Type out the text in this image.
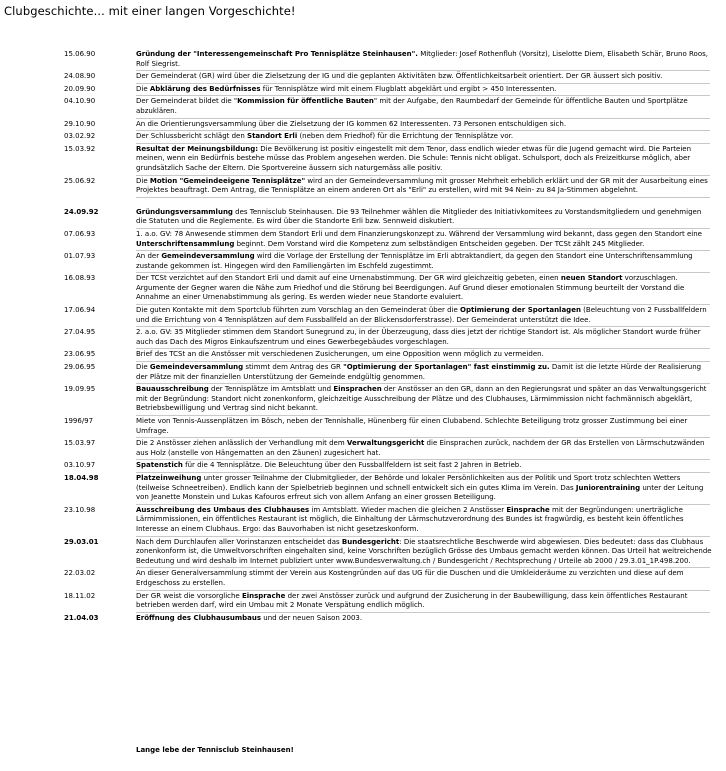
Clubgeschichte... mit einer langen Vorgeschichte!
15.06.90	Gründung der "Interessengemeinschaft Pro Tennisplätze Steinhausen". Mitglieder: Josef Rothenfluh (Vorsitz), Liselotte Diem, Elisabeth Schär, Bruno Roos, Rolf Siegrist.
24.08.90	Der Gemeinderat (GR) wird über die Zielsetzung der IG und die geplanten Aktivitäten bzw. Öffentlichkeitsarbeit orientiert. Der GR äussert sich positiv.
20.09.90	Die Abklärung des Bedürfnisses für Tennisplätze wird mit einem Flugblatt abgeklärt und ergibt > 450 Interessenten.
04.10.90	Der Gemeinderat bildet die "Kommission für öffentliche Bauten" mit der Aufgabe, den Raumbedarf der Gemeinde für öffentliche Bauten und Sportplätze abzuklären.
29.10.90	An die Orientierungsversammlung über die Zielsetzung der IG kommen 62 Interessenten. 73 Personen entschuldigen sich.
03.02.92	Der Schlussbericht schlägt den Standort Erli (neben dem Friedhof) für die Errichtung der Tennisplätze vor.
15.03.92	Resultat der Meinungsbildung: Die Bevölkerung ist positiv eingestellt mit dem Tenor, dass endlich wieder etwas für die Jugend gemacht wird. Die Parteien meinen, wenn ein Bedürfnis bestehe müsse das Problem angesehen werden. Die Schule: Tennis nicht obligat. Schulsport, doch als Freizeitkurse möglich, aber grundsätzlich Sache der Eltern. Die Sportvereine äussern sich naturgemäss alle positiv.
25.06.92	Die Motion "Gemeindeeigene Tennisplätze" wird an der Gemeindeversammlung mit grosser Mehrheit erheblich erklärt und der GR mit der Ausarbeitung eines Projektes beauftragt. Dem Antrag, die Tennisplätze an einem anderen Ort als "Erli" zu erstellen, wird mit 94 Nein- zu 84 Ja-Stimmen abgelehnt.
24.09.92	Gründungsversammlung des Tennisclub Steinhausen. Die 93 Teilnehmer wählen die Mitglieder des Initiativkomitees zu Vorstandsmitgliedern und genehmigen die Statuten und die Reglemente. Es wird über die Standorte Erli bzw. Sennweid diskutiert.
07.06.93	1. a.o. GV: 78 Anwesende stimmen dem Standort Erli und dem Finanzierungskonzept zu. Während der Versammlung wird bekannt, dass gegen den Standort eine Unterschriftensammlung beginnt. Dem Vorstand wird die Kompetenz zum selbständigen Entscheiden gegeben. Der TCSt zählt 245 Mitglieder.
01.07.93	An der Gemeindeversammlung wird die Vorlage der Erstellung der Tennisplätze im Erli abtraktandiert, da gegen den Standort eine Unterschriftensammlung zustande gekommen ist. Hingegen wird den Familiengärten im Eschfeld zugestimmt.
16.08.93	Der TCSt verzichtet auf den Standort Erli und damit auf eine Urnenabstimmung. Der GR wird gleichzeitig gebeten, einen neuen Standort vorzuschlagen. Argumente der Gegner waren die Nähe zum Friedhof und die Störung bei Beerdigungen. Auf Grund dieser emotionalen Stimmung beurteilt der Vorstand die Annahme an einer Urnenabstimmung als gering. Es werden wieder neue Standorte evaluiert.
17.06.94	Die guten Kontakte mit dem Sportclub führten zum Vorschlag an den Gemeinderat über die Optimierung der Sportanlagen (Beleuchtung von 2 Fussballfeldern und die Errichtung von 4 Tennisplätzen auf dem Fussballfeld an der Blickensdorferstrasse). Der Gemeinderat unterstützt die Idee.
27.04.95	2. a.o. GV: 35 Mitglieder stimmen dem Standort Sunegrund zu, in der Überzeugung, dass dies jetzt der richtige Standort ist. Als möglicher Standort wurde früher auch das Dach des Migros Einkaufszentrum und eines Gewerbegebäudes vorgeschlagen.
23.06.95	Brief des TCSt an die Anstösser mit verschiedenen Zusicherungen, um eine Opposition wenn möglich zu vermeiden.
29.06.95	Die Gemeindeversammlung stimmt dem Antrag des GR "Optimierung der Sportanlagen" fast einstimmig zu. Damit ist die letzte Hürde der Realisierung der Plätze mit der finanziellen Unterstützung der Gemeinde endgültig genommen.
19.09.95	Bauausschreibung der Tennisplätze im Amtsblatt und Einsprachen der Anstösser an den GR, dann an den Regierungsrat und später an das Verwaltungsgericht mit der Begründung: Standort nicht zonenkonform, gleichzeitige Ausschreibung der Plätze und des Clubhauses, Lärmimmission nicht fachmännisch abgeklärt, Betriebsbewilligung und Vertrag sind nicht bekannt.
1996/97	Miete von Tennis-Aussenplätzen im Bösch, neben der Tennishalle, Hünenberg für einen Clubabend. Schlechte Beteiligung trotz grosser Zustimmung bei einer Umfrage.
15.03.97	Die 2 Anstösser ziehen anlässlich der Verhandlung mit dem Verwaltungsgericht die Einsprachen zurück, nachdem der GR das Erstellen von Lärmschutzwänden aus Holz (anstelle von Hängematten an den Zäunen) zugesichert hat.
03.10.97	Spatenstich für die 4 Tennisplätze. Die Beleuchtung über den Fussballfeldern ist seit fast 2 Jahren in Betrieb.
18.04.98	Platzeinweihung unter grosser Teilnahme der Clubmitglieder, der Behörde und lokaler Persönlichkeiten aus der Politik und Sport trotz schlechten Wetters (teilweise Schneetreiben). Endlich kann der Spielbetrieb beginnen und schnell entwickelt sich ein gutes Klima im Verein. Das Juniorentraining unter der Leitung von Jeanette Monstein und Lukas Kafouros erfreut sich von allem Anfang an einer grossen Beteiligung.
23.10.98	Ausschreibung des Umbaus des Clubhauses im Amtsblatt. Wieder machen die gleichen 2 Anstösser Einsprache mit der Begründungen: unerträgliche Lärmimmissionen, ein öffentliches Restaurant ist möglich, die Einhaltung der Lärmschutzverordnung des Bundes ist fragwürdig, es besteht kein öffentliches Interesse an einem Clubhaus. Ergo: das Bauvorhaben ist nicht gesetzeskonform.
29.03.01	Nach dem Durchlaufen aller Vorinstanzen entscheidet das Bundesgericht: Die staatsrechtliche Beschwerde wird abgewiesen. Dies bedeutet: dass das Clubhaus zonenkonform ist, die Umweltvorschriften eingehalten sind, keine Vorschriften bezüglich Grösse des Umbaus gemacht werden können. Das Urteil hat weitreichende Bedeutung und wird deshalb im Internet publiziert unter www.Bundesverwaltung.ch / Bundesgericht / Rechtsprechung / Urteile ab 2000 / 29.3.01_1P.498.200.
22.03.02	An dieser Generalversammlung stimmt der Verein aus Kostengründen auf das UG für die Duschen und die Umkleideräume zu verzichten und diese auf dem Erdgeschoss zu erstellen.
18.11.02	Der GR weist die vorsorgliche Einsprache der zwei Anstösser zurück und aufgrund der Zusicherung in der Baubewilligung, dass kein öffentliches Restaurant betrieben werden darf, wird ein Umbau mit 2 Monate Verspätung endlich möglich.
21.04.03	Eröffnung des Clubhausumbaus und der neuen Saison 2003.
Lange lebe der Tennisclub Steinhausen!
